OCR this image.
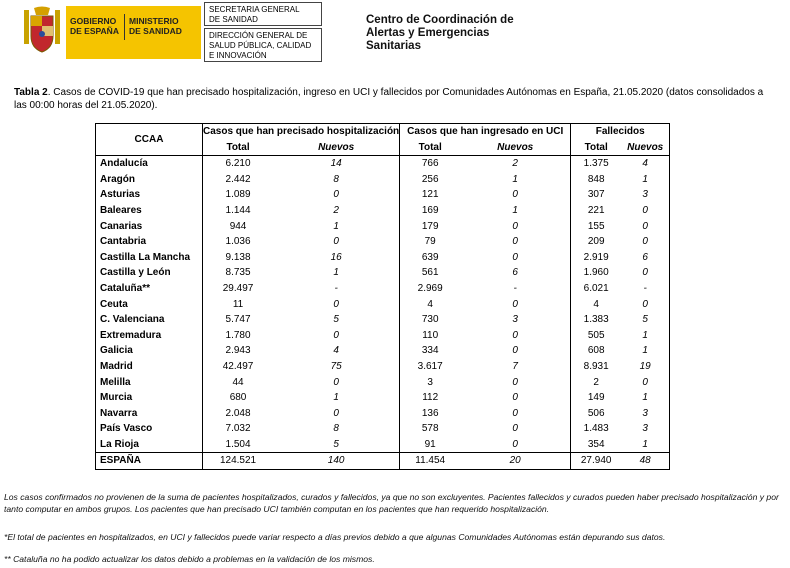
GOBIERNO
DE ESPAÑA
MINISTERIO
DE SANIDAD
SECRETARIA GENERAL
DE SANIDAD
DIRECCIÓN GENERAL DE
SALUD PÚBLICA, CALIDAD
E INNOVACIÓN
Centro de Coordinación de
Alertas y Emergencias
Sanitarias
Tabla 2. Casos de COVID-19 que han precisado hospitalización, ingreso en UCI y fallecidos por Comunidades Autónomas en España, 21.05.2020 (datos consolidados a las 00:00 horas del 21.05.2020).
CCAA	Casos que han precisado hospitalización		Casos que han ingresado en UCI		Fallecidos	
	Total	Nuevos	Total	Nuevos	Total	Nuevos
Andalucía	6.210	14	766	2	1.375	4
Aragón	2.442	8	256	1	848	1
Asturias	1.089	0	121	0	307	3
Baleares	1.144	2	169	1	221	0
Canarias	944	1	179	0	155	0
Cantabria	1.036	0	79	0	209	0
Castilla La Mancha	9.138	16	639	0	2.919	6
Castilla y León	8.735	1	561	6	1.960	0
Cataluña**	29.497	-	2.969	-	6.021	-
Ceuta	11	0	4	0	4	0
C. Valenciana	5.747	5	730	3	1.383	5
Extremadura	1.780	0	110	0	505	1
Galicia	2.943	4	334	0	608	1
Madrid	42.497	75	3.617	7	8.931	19
Melilla	44	0	3	0	2	0
Murcia	680	1	112	0	149	1
Navarra	2.048	0	136	0	506	3
País Vasco	7.032	8	578	0	1.483	3
La Rioja	1.504	5	91	0	354	1
ESPAÑA	124.521	140	11.454	20	27.940	48
Los casos confirmados no provienen de la suma de pacientes hospitalizados, curados y fallecidos, ya que no son excluyentes. Pacientes fallecidos y curados pueden haber precisado hospitalización y por tanto computar en ambos grupos. Los pacientes que han precisado UCI también computan en los pacientes que han requerido hospitalización.
*El total de pacientes en hospitalizados, en UCI y fallecidos puede variar respecto a días previos debido a que algunas Comunidades Autónomas están depurando sus datos.
** Cataluña no ha podido actualizar los datos debido a problemas en la validación de los mismos.
